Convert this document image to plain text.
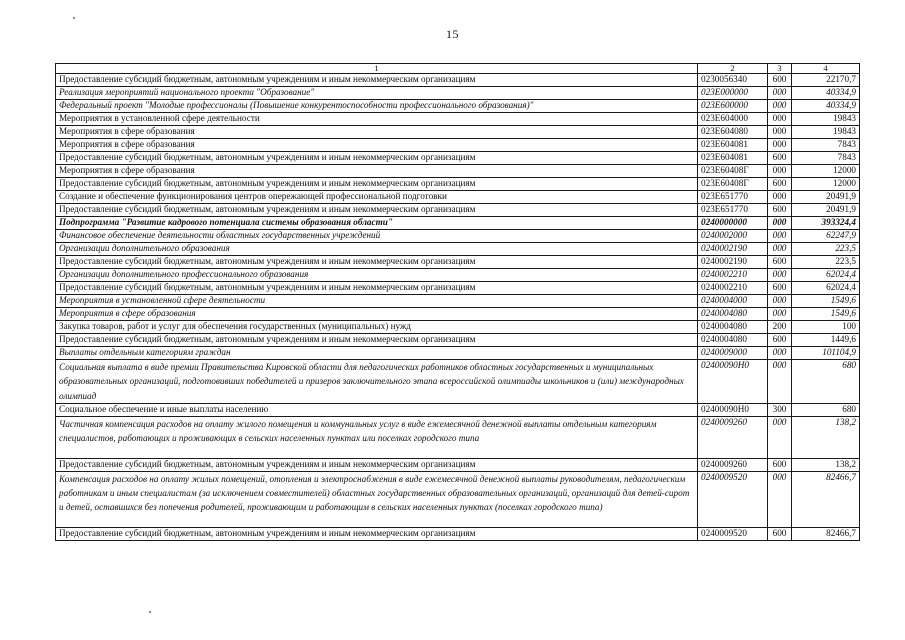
15
1	2	3	4
Предоставление субсидий бюджетным, автономным учреждениям и иным некоммерческим организациям	0230056340	600	22170,7
Реализация мероприятий национального проекта "Образование"	023E000000	000	40334,9
Федеральный проект "Молодые профессионалы (Повышение конкурентоспособности профессионального образования)"	023E600000	000	40334,9
Мероприятия в установленной сфере деятельности	023E604000	000	19843
Мероприятия в сфере образования	023E604080	000	19843
Мероприятия в сфере образования	023E604081	000	7843
Предоставление субсидий бюджетным, автономным учреждениям и иным некоммерческим организациям	023E604081	600	7843
Мероприятия в сфере образования	023E60408Г	000	12000
Предоставление субсидий бюджетным, автономным учреждениям и иным некоммерческим организациям	023E60408Г	600	12000
Создание и обеспечение функционирования центров опережающей профессиональной подготовки	023E651770	000	20491,9
Предоставление субсидий бюджетным, автономным учреждениям и иным некоммерческим организациям	023E651770	600	20491,9
Подпрограмма "Развитие кадрового потенциала системы образования области"	0240000000	000	393324,4
Финансовое обеспечение деятельности областных государственных учреждений	0240002000	000	62247,9
Организации дополнительного образования	0240002190	000	223,5
Предоставление субсидий бюджетным, автономным учреждениям и иным некоммерческим организациям	0240002190	600	223,5
Организации дополнительного профессионального образования	0240002210	000	62024,4
Предоставление субсидий бюджетным, автономным учреждениям и иным некоммерческим организациям	0240002210	600	62024,4
Мероприятия в установленной сфере деятельности	0240004000	000	1549,6
Мероприятия в сфере образования	0240004080	000	1549,6
Закупка товаров, работ и услуг для обеспечения государственных (муниципальных) нужд	0240004080	200	100
Предоставление субсидий бюджетным, автономным учреждениям и иным некоммерческим организациям	0240004080	600	1449,6
Выплаты отдельным категориям граждан	0240009000	000	101104,9
Социальная выплата в виде премии Правительства Кировской области для педагогических работников областных государственных и муниципальных образовательных организаций, подготовивших победителей и призеров заключительного этапа всероссийской олимпиады школьников и (или) международных олимпиад	02400090Н0	000	680
Социальное обеспечение и иные выплаты населению	02400090Н0	300	680
Частичная компенсация расходов на оплату жилого помещения и коммунальных услуг в виде ежемесячной денежной выплаты отдельным категориям специалистов, работающих и проживающих в сельских населенных пунктах или поселках городского типа	0240009260	000	138,2
Предоставление субсидий бюджетным, автономным учреждениям и иным некоммерческим организациям	0240009260	600	138,2
Компенсация расходов на оплату жилых помещений, отопления и электроснабжения в виде ежемесячной денежной выплаты руководителям, педагогическим работникам и иным специалистам (за исключением совместителей) областных государственных образовательных организаций, организаций для детей-сирот и детей, оставшихся без попечения родителей, проживающим и работающим в сельских населенных пунктах (поселках городского типа)	0240009520	000	82466,7
Предоставление субсидий бюджетным, автономным учреждениям и иным некоммерческим организациям	0240009520	600	82466,7
